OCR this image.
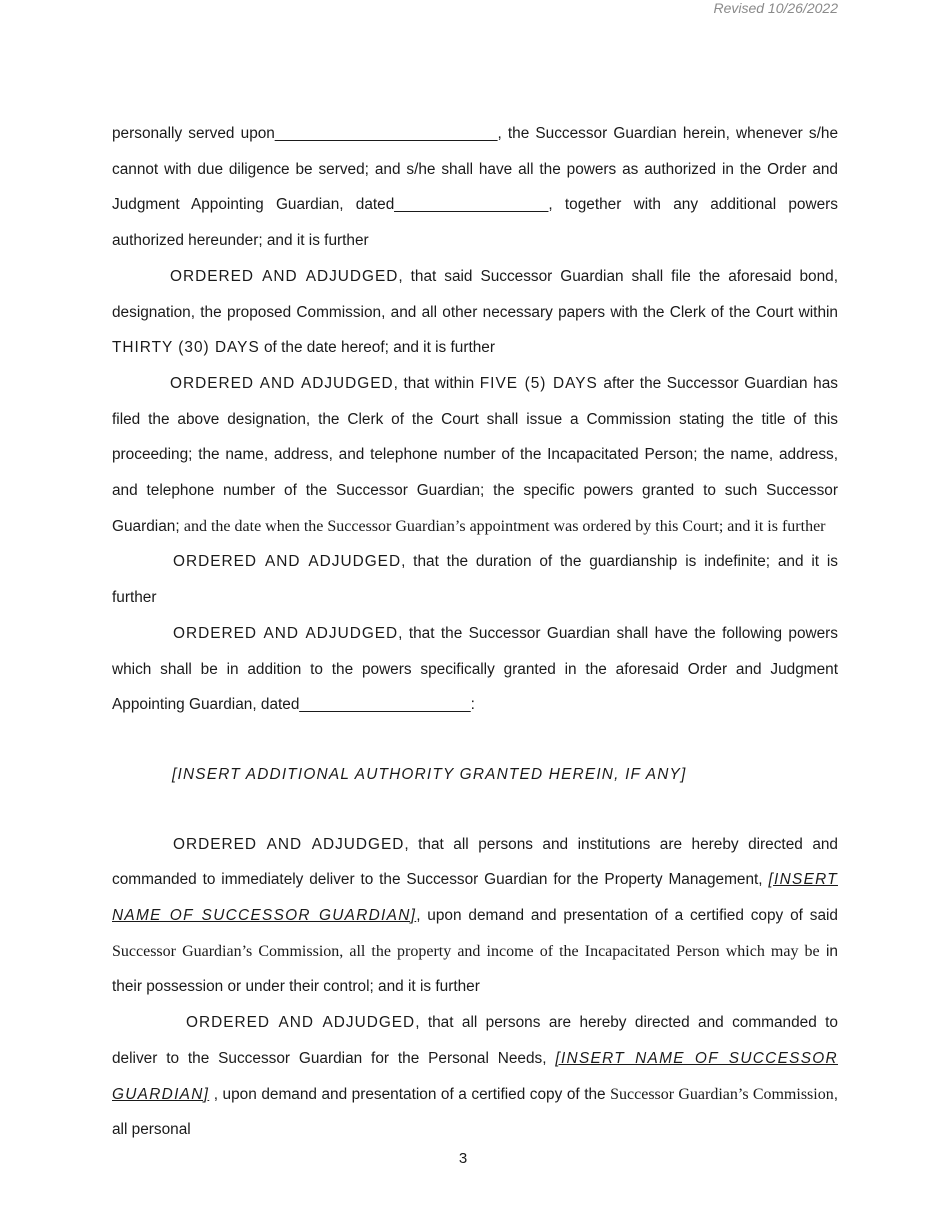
Revised 10/26/2022

personally served upon__________________________, the Successor Guardian herein, whenever s/he cannot with due diligence be served; and s/he shall have all the powers as authorized in the Order and Judgment Appointing Guardian, dated__________________, together with any additional powers authorized hereunder; and it is further

ORDERED AND ADJUDGED, that said Successor Guardian shall file the aforesaid bond, designation, the proposed Commission, and all other necessary papers with the Clerk of the Court within THIRTY (30) DAYS of the date hereof; and it is further

ORDERED AND ADJUDGED, that within FIVE (5) DAYS after the Successor Guardian has filed the above designation, the Clerk of the Court shall issue a Commission stating the title of this proceeding; the name, address, and telephone number of the Incapacitated Person; the name, address, and telephone number of the Successor Guardian; the specific powers granted to such Successor Guardian; and the date when the Successor Guardian’s appointment was ordered by this Court; and it is further

ORDERED AND ADJUDGED, that the duration of the guardianship is indefinite; and it is further

ORDERED AND ADJUDGED, that the Successor Guardian shall have the following powers which shall be in addition to the powers specifically granted in the aforesaid Order and Judgment Appointing Guardian, dated____________________:

[INSERT ADDITIONAL AUTHORITY GRANTED HEREIN, IF ANY]

ORDERED AND ADJUDGED, that all persons and institutions are hereby directed and commanded to immediately deliver to the Successor Guardian for the Property Management, [INSERT NAME OF SUCCESSOR GUARDIAN], upon demand and presentation of a certified copy of said Successor Guardian’s Commission, all the property and income of the Incapacitated Person which may be in their possession or under their control; and it is further

ORDERED AND ADJUDGED, that all persons are hereby directed and commanded to deliver to the Successor Guardian for the Personal Needs, [INSERT NAME OF SUCCESSOR GUARDIAN] , upon demand and presentation of a certified copy of the Successor Guardian’s Commission, all personal

3
